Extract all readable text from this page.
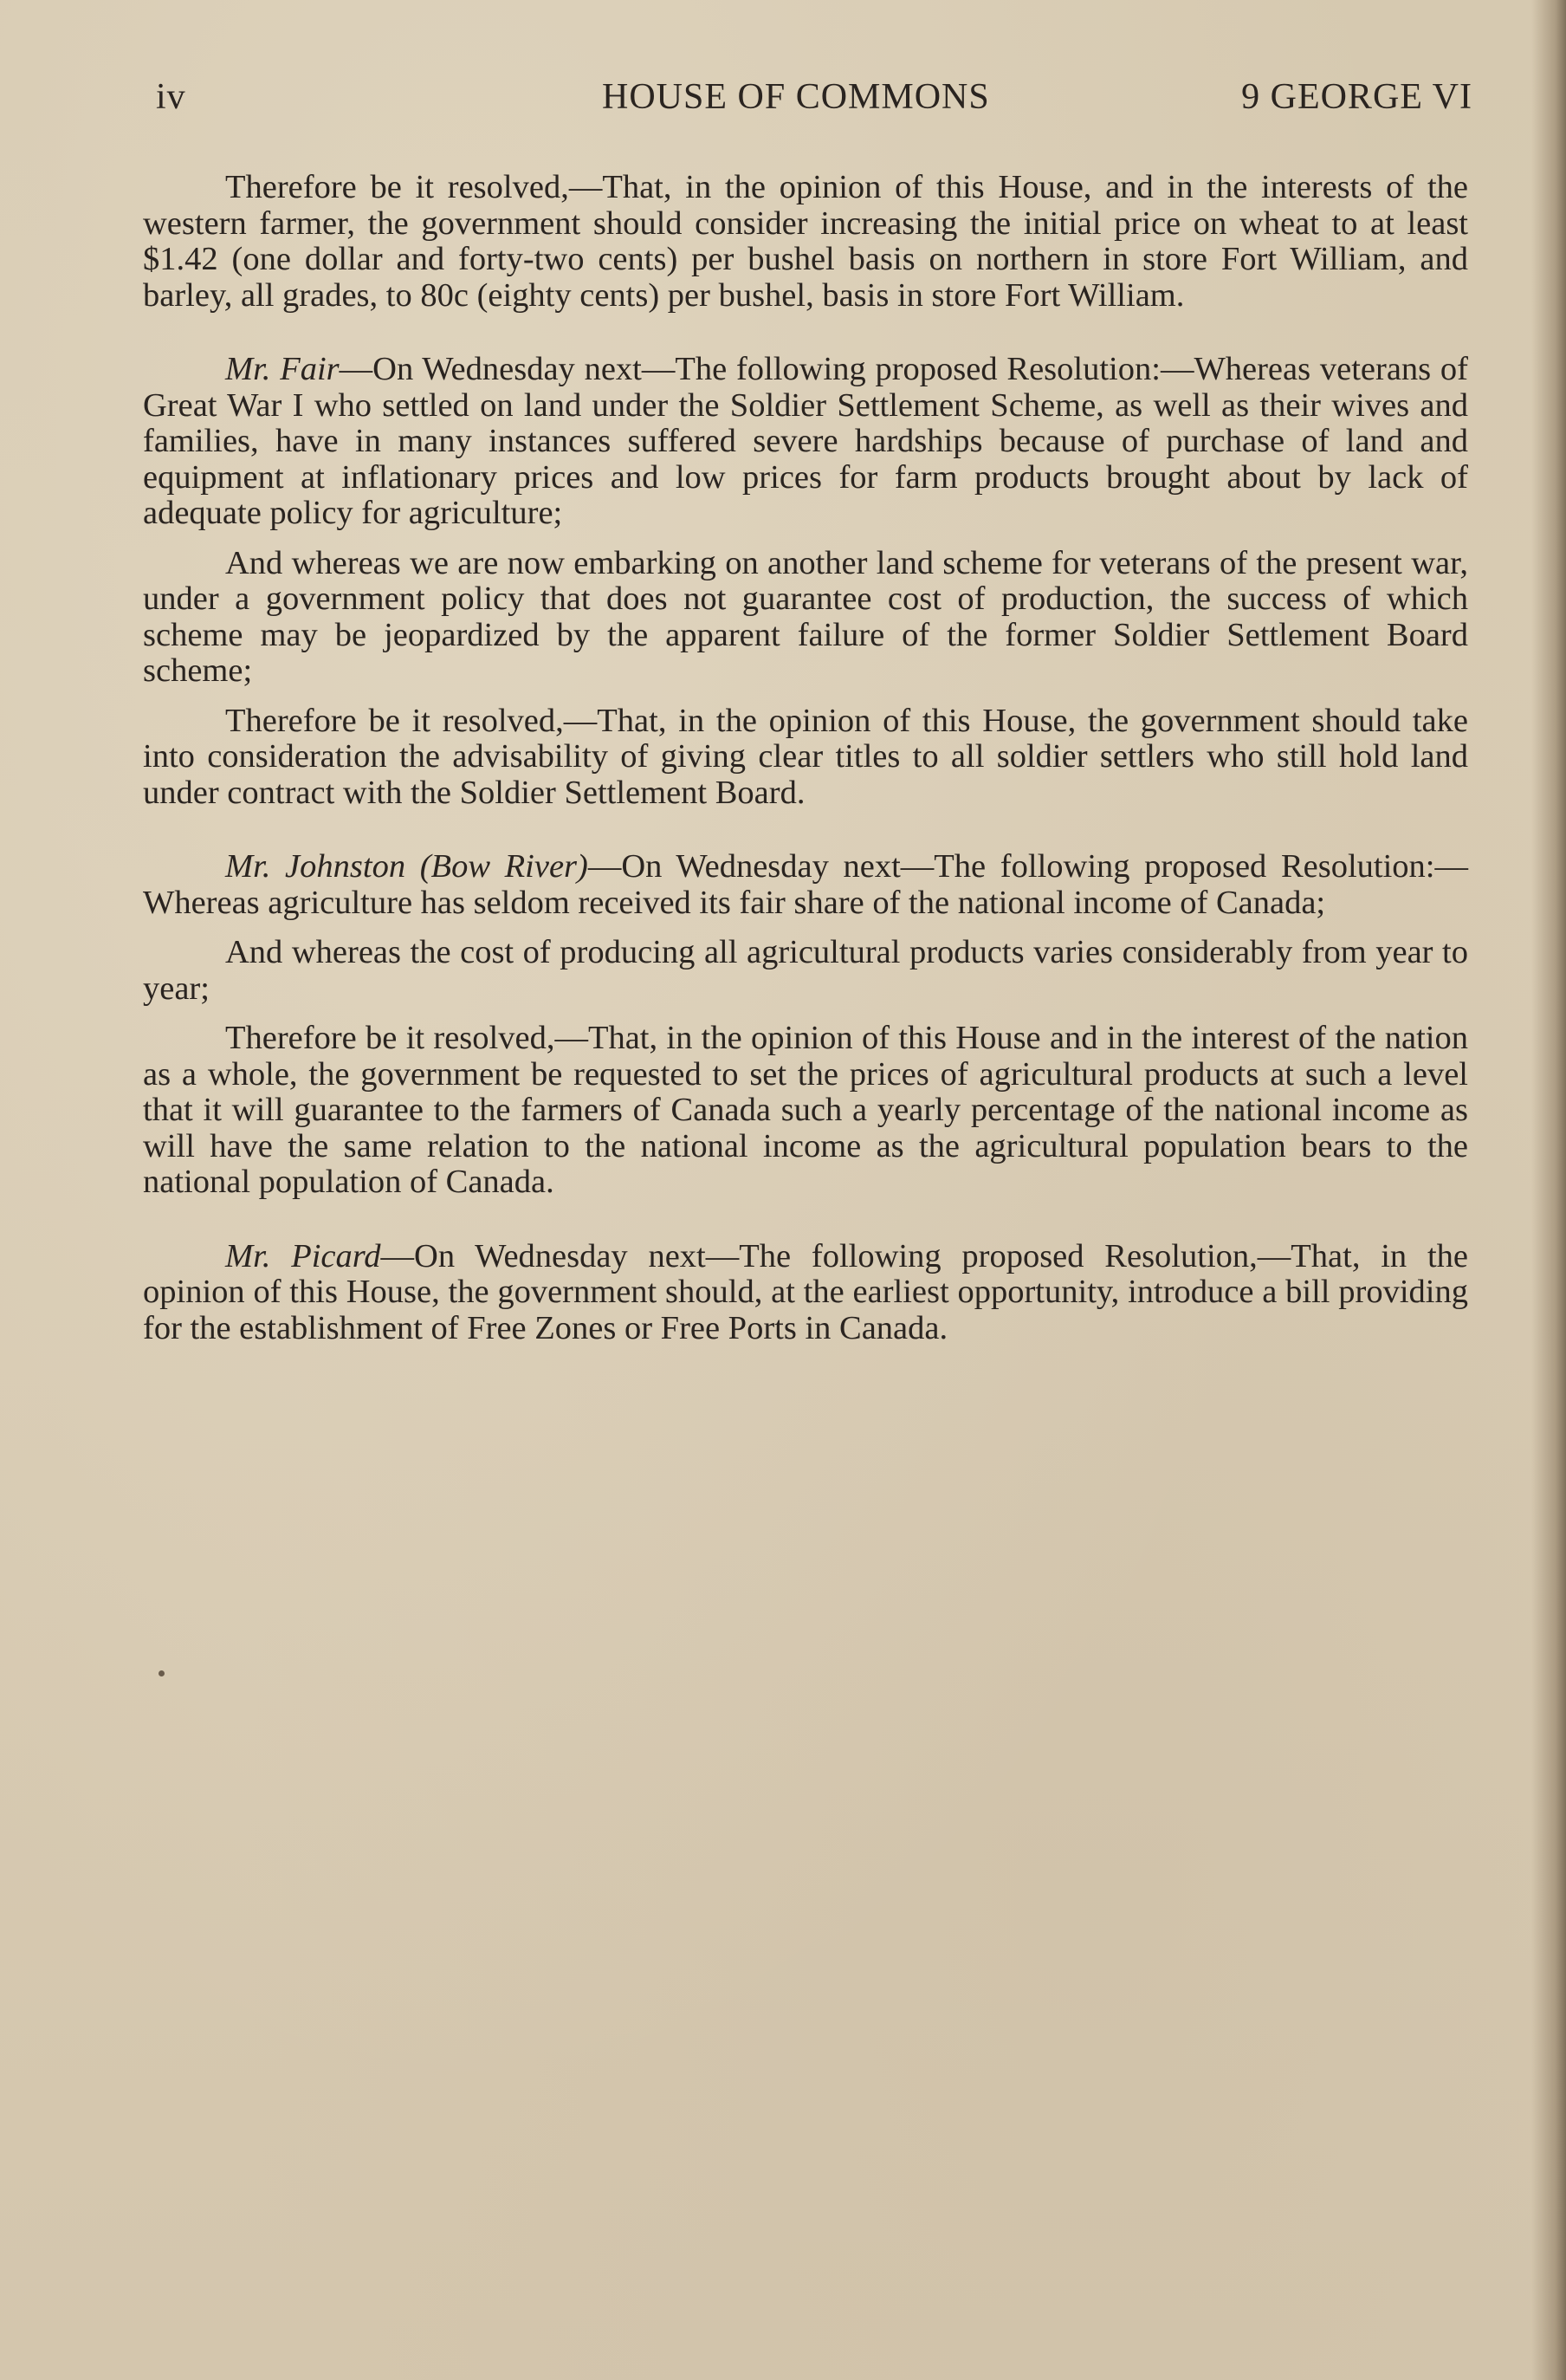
iv	HOUSE OF COMMONS	9 GEORGE VI

Therefore be it resolved,—That, in the opinion of this House, and in the interests of the western farmer, the government should consider increasing the initial price on wheat to at least $1.42 (one dollar and forty-two cents) per bushel basis on northern in store Fort William, and barley, all grades, to 80c (eighty cents) per bushel, basis in store Fort William.

Mr. Fair—On Wednesday next—The following proposed Resolution:—Whereas veterans of Great War I who settled on land under the Soldier Settlement Scheme, as well as their wives and families, have in many instances suffered severe hardships because of purchase of land and equipment at inflationary prices and low prices for farm products brought about by lack of adequate policy for agriculture;

And whereas we are now embarking on another land scheme for veterans of the present war, under a government policy that does not guarantee cost of production, the success of which scheme may be jeopardized by the apparent failure of the former Soldier Settlement Board scheme;

Therefore be it resolved,—That, in the opinion of this House, the government should take into consideration the advisability of giving clear titles to all soldier settlers who still hold land under contract with the Soldier Settlement Board.

Mr. Johnston (Bow River)—On Wednesday next—The following proposed Resolution:—Whereas agriculture has seldom received its fair share of the national income of Canada;

And whereas the cost of producing all agricultural products varies considerably from year to year;

Therefore be it resolved,—That, in the opinion of this House and in the interest of the nation as a whole, the government be requested to set the prices of agricultural products at such a level that it will guarantee to the farmers of Canada such a yearly percentage of the national income as will have the same relation to the national income as the agricultural population bears to the national population of Canada.

Mr. Picard—On Wednesday next—The following proposed Resolution,—That, in the opinion of this House, the government should, at the earliest opportunity, introduce a bill providing for the establishment of Free Zones or Free Ports in Canada.
